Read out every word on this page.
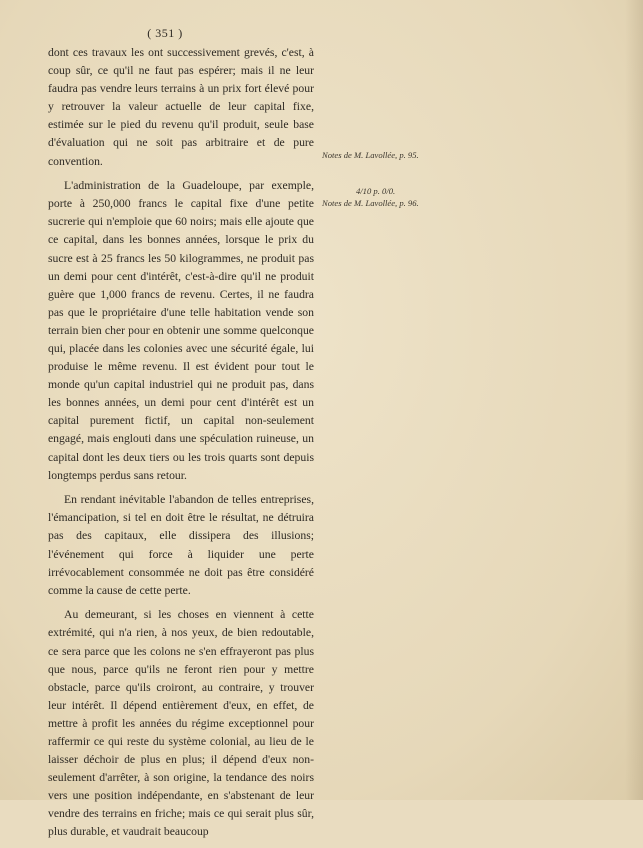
( 351 )

dont ces travaux les ont successivement grevés, c'est, à coup sûr, ce qu'il ne faut pas espérer; mais il ne leur faudra pas vendre leurs terrains à un prix fort élevé pour y retrouver la valeur actuelle de leur capital fixe, estimée sur le pied du revenu qu'il produit, seule base d'évaluation qui ne soit pas arbitraire et de pure convention.

L'administration de la Guadeloupe, par exemple, porte à 250,000 francs le capital fixe d'une petite sucrerie qui n'emploie que 60 noirs; mais elle ajoute que ce capital, dans les bonnes années, lorsque le prix du sucre est à 25 francs les 50 kilogrammes, ne produit pas un demi pour cent d'intérêt, c'est-à-dire qu'il ne produit guère que 1,000 francs de revenu. Certes, il ne faudra pas que le propriétaire d'une telle habitation vende son terrain bien cher pour en obtenir une somme quelconque qui, placée dans les colonies avec une sécurité égale, lui produise le même revenu. Il est évident pour tout le monde qu'un capital industriel qui ne produit pas, dans les bonnes années, un demi pour cent d'intérêt est un capital purement fictif, un capital non-seulement engagé, mais englouti dans une spéculation ruineuse, un capital dont les deux tiers ou les trois quarts sont depuis longtemps perdus sans retour.

En rendant inévitable l'abandon de telles entreprises, l'émancipation, si tel en doit être le résultat, ne détruira pas des capitaux, elle dissipera des illusions; l'événement qui force à liquider une perte irrévocablement consommée ne doit pas être considéré comme la cause de cette perte.

Au demeurant, si les choses en viennent à cette extrémité, qui n'a rien, à nos yeux, de bien redoutable, ce sera parce que les colons ne s'en effrayeront pas plus que nous, parce qu'ils ne feront rien pour y mettre obstacle, parce qu'ils croiront, au contraire, y trouver leur intérêt. Il dépend entièrement d'eux, en effet, de mettre à profit les années du régime exceptionnel pour raffermir ce qui reste du système colonial, au lieu de le laisser déchoir de plus en plus; il dépend d'eux non-seulement d'arrêter, à son origine, la tendance des noirs vers une position indépendante, en s'abstenant de leur vendre des terrains en friche; mais ce qui serait plus sûr, plus durable, et vaudrait beaucoup

Notes de M. Lavollée, p. 95.
4/10 p. 0/0.
Notes de M. Lavollée, p. 96.
